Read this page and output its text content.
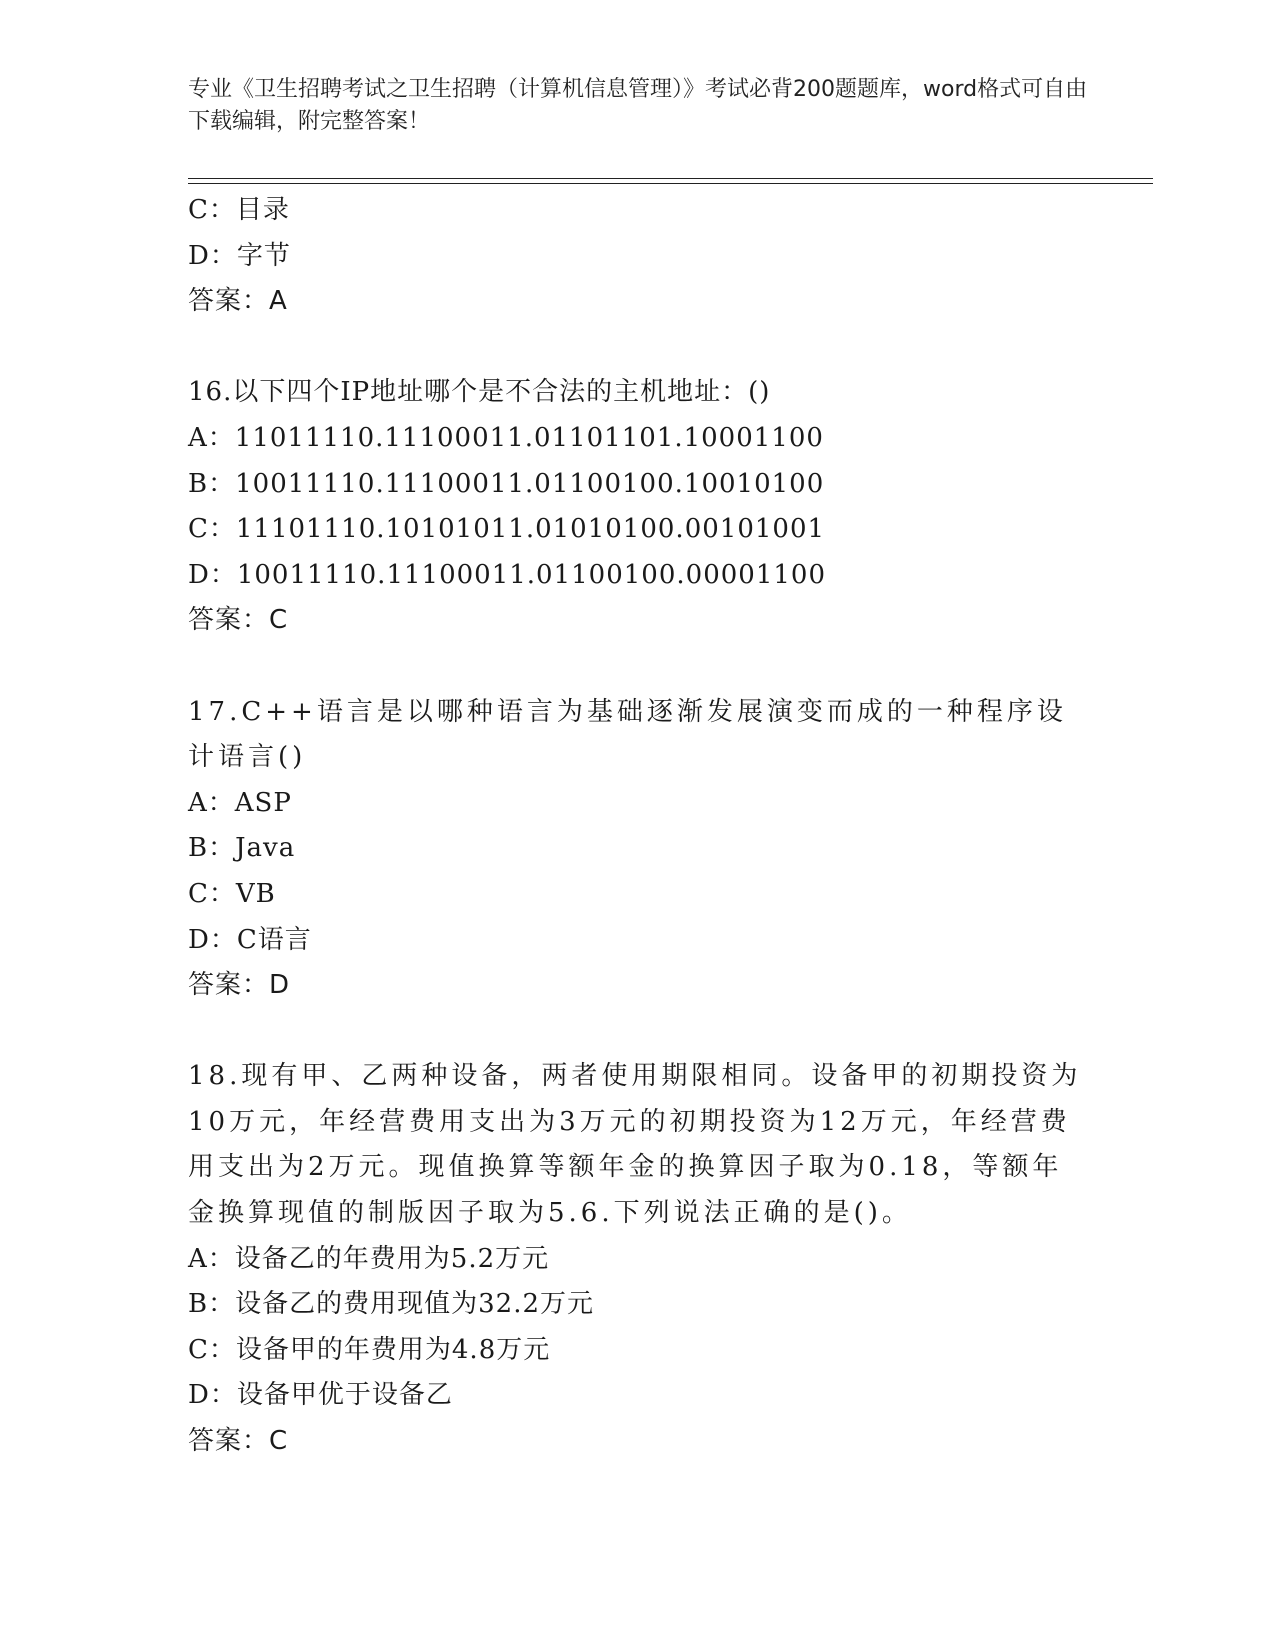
专业《卫生招聘考试之卫生招聘（计算机信息管理）》考试必背200题题库，word格式可自由下载编辑，附完整答案！
C：目录
D：字节
答案：A
16.以下四个IP地址哪个是不合法的主机地址：()
A：11011110.11100011.01101101.10001100
B：10011110.11100011.01100100.10010100
C：11101110.10101011.01010100.00101001
D：10011110.11100011.01100100.00001100
答案：C
17.C++语言是以哪种语言为基础逐渐发展演变而成的一种程序设计语言()
A：ASP
B：Java
C：VB
D：C语言
答案：D
18.现有甲、乙两种设备，两者使用期限相同。设备甲的初期投资为10万元，年经营费用支出为3万元的初期投资为12万元，年经营费用支出为2万元。现值换算等额年金的换算因子取为0.18，等额年金换算现值的制版因子取为5.6.下列说法正确的是()。
A：设备乙的年费用为5.2万元
B：设备乙的费用现值为32.2万元
C：设备甲的年费用为4.8万元
D：设备甲优于设备乙
答案：C
